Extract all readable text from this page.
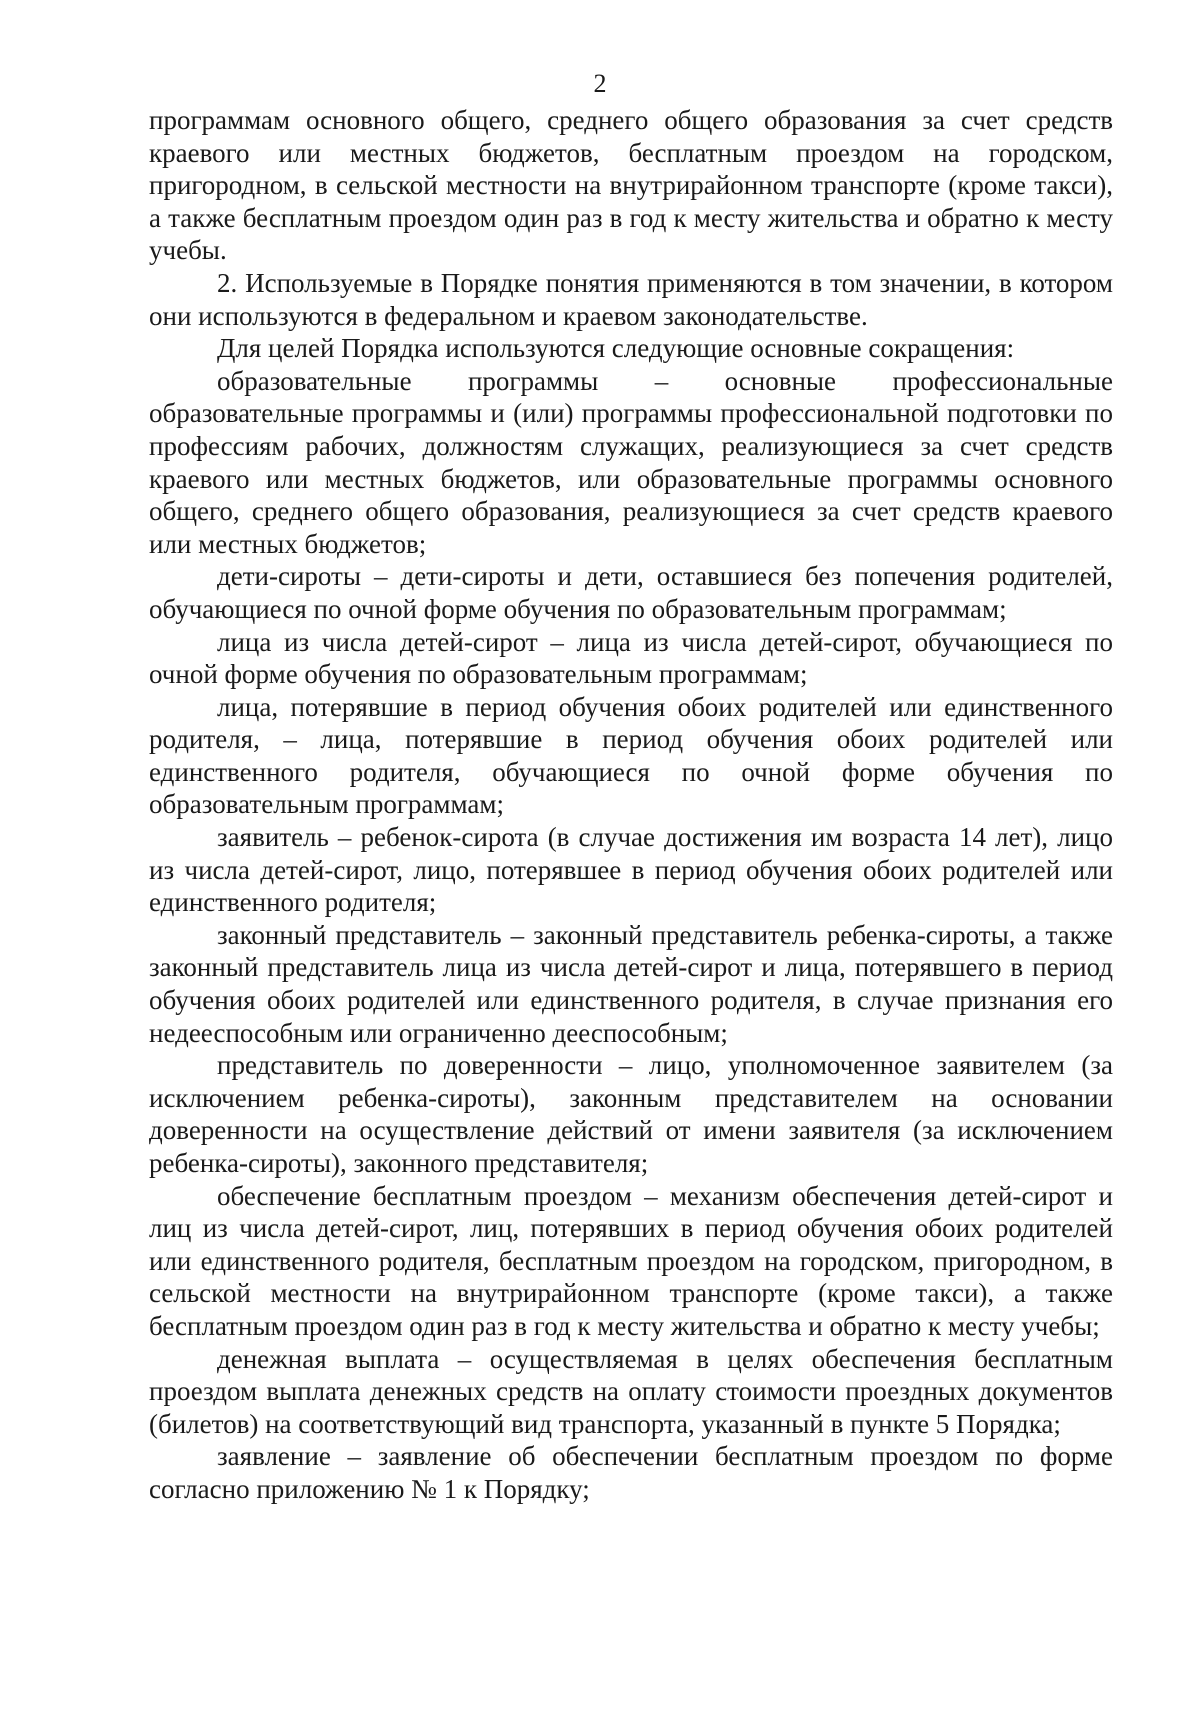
2

программам основного общего, среднего общего образования за счет средств краевого или местных бюджетов, бесплатным проездом на городском, пригородном, в сельской местности на внутрирайонном транспорте (кроме такси), а также бесплатным проездом один раз в год к месту жительства и обратно к месту учебы.

2. Используемые в Порядке понятия применяются в том значении, в котором они используются в федеральном и краевом законодательстве.

Для целей Порядка используются следующие основные сокращения:

образовательные программы – основные профессиональные образовательные программы и (или) программы профессиональной подготовки по профессиям рабочих, должностям служащих, реализующиеся за счет средств краевого или местных бюджетов, или образовательные программы основного общего, среднего общего образования, реализующиеся за счет средств краевого или местных бюджетов;

дети-сироты – дети-сироты и дети, оставшиеся без попечения родителей, обучающиеся по очной форме обучения по образовательным программам;

лица из числа детей-сирот – лица из числа детей-сирот, обучающиеся по очной форме обучения по образовательным программам;

лица, потерявшие в период обучения обоих родителей или единственного родителя, – лица, потерявшие в период обучения обоих родителей или единственного родителя, обучающиеся по очной форме обучения по образовательным программам;

заявитель – ребенок-сирота (в случае достижения им возраста 14 лет), лицо из числа детей-сирот, лицо, потерявшее в период обучения обоих родителей или единственного родителя;

законный представитель – законный представитель ребенка-сироты, а также законный представитель лица из числа детей-сирот и лица, потерявшего в период обучения обоих родителей или единственного родителя, в случае признания его недееспособным или ограниченно дееспособным;

представитель по доверенности – лицо, уполномоченное заявителем (за исключением ребенка-сироты), законным представителем на основании доверенности на осуществление действий от имени заявителя (за исключением ребенка-сироты), законного представителя;

обеспечение бесплатным проездом – механизм обеспечения детей-сирот и лиц из числа детей-сирот, лиц, потерявших в период обучения обоих родителей или единственного родителя, бесплатным проездом на городском, пригородном, в сельской местности на внутрирайонном транспорте (кроме такси), а также бесплатным проездом один раз в год к месту жительства и обратно к месту учебы;

денежная выплата – осуществляемая в целях обеспечения бесплатным проездом выплата денежных средств на оплату стоимости проездных документов (билетов) на соответствующий вид транспорта, указанный в пункте 5 Порядка;

заявление – заявление об обеспечении бесплатным проездом по форме согласно приложению № 1 к Порядку;
